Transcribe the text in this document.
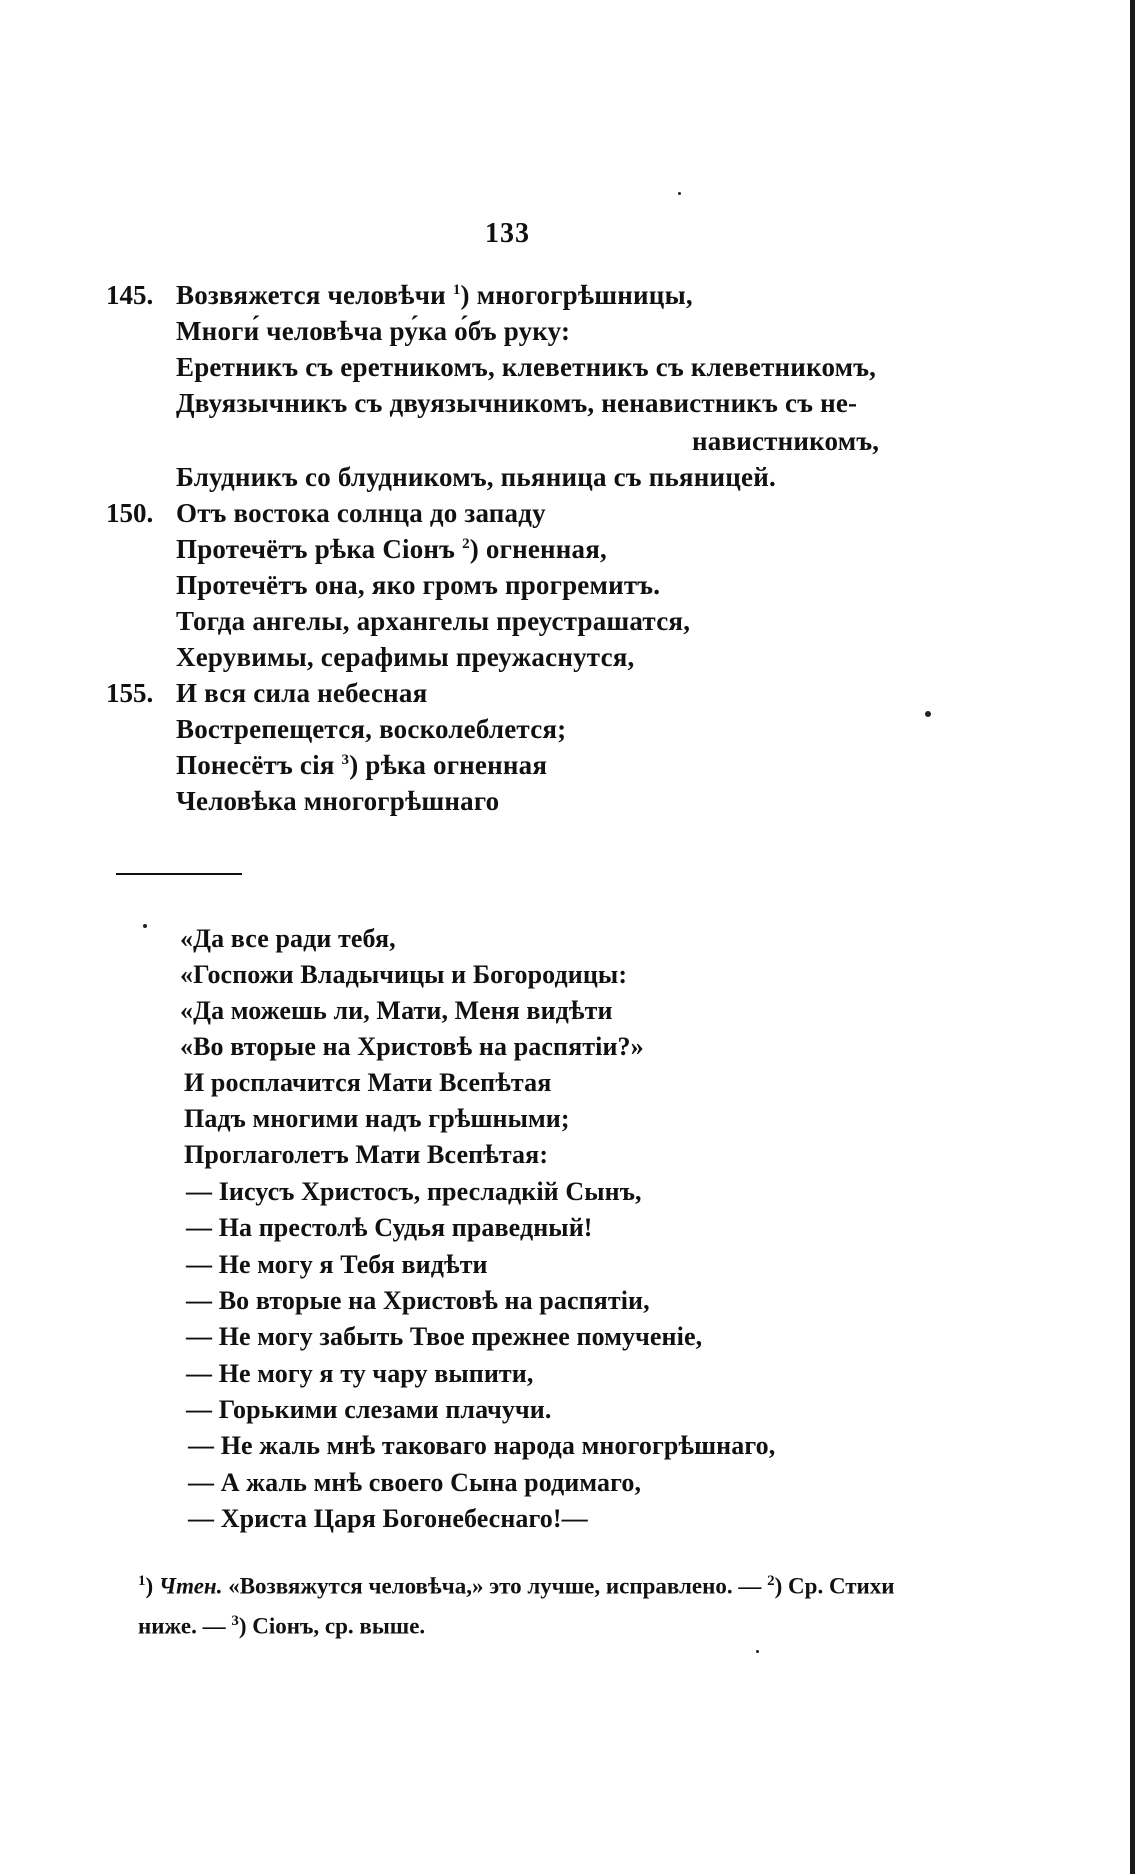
133
145. Возвяжется человѣчи $^1$) многогрѣшницы,
Многи́ человѣча ру́ка о́бъ руку:
Еретникъ съ еретникомъ, клеветникъ съ клеветникомъ,
Двуязычникъ съ двуязычникомъ, ненавистникъ съ не-
навистникомъ,
Блудникъ со блудникомъ, пьяница съ пьяницей.
150. Отъ востока солнца до западу
Протечётъ рѣка Сіонъ $^2$) огненная,
Протечётъ она, яко громъ прогремитъ.
Тогда ангелы, архангелы преустрашатся,
Херувимы, серафимы преужаснутся,
155. И вся сила небесная
Вострепещется, восколеблется;
Понесётъ сія $^3$) рѣка огненная
Человѣка многогрѣшнаго
«Да все ради тебя,
«Госпожи Владычицы и Богородицы:
«Да можешь ли, Мати, Меня видѣти
«Во вторые на Христовѣ на распятіи?»
И росплачится Мати Всепѣтая
Падъ многими надъ грѣшными;
Проглаголетъ Мати Всепѣтая:
— Іисусъ Христосъ, пресладкій Сынъ,
— На престолѣ Судья праведный!
— Не могу я Тебя видѣти
— Во вторые на Христовѣ на распятіи,
— Не могу забыть Твое прежнее помученіе,
— Не могу я ту чару выпити,
— Горькими слезами плачучи.
— Не жаль мнѣ таковаго народа многогрѣшнаго,
— А жаль мнѣ своего Сына родимаго,
— Христа Царя Богонебеснаго!—
$^1$) Чтен. «Возвяжутся человѣча,» это лучше, исправлено. — $^2$) Ср. Стихи
ниже. — $^3$) Сіонъ, ср. выше.
